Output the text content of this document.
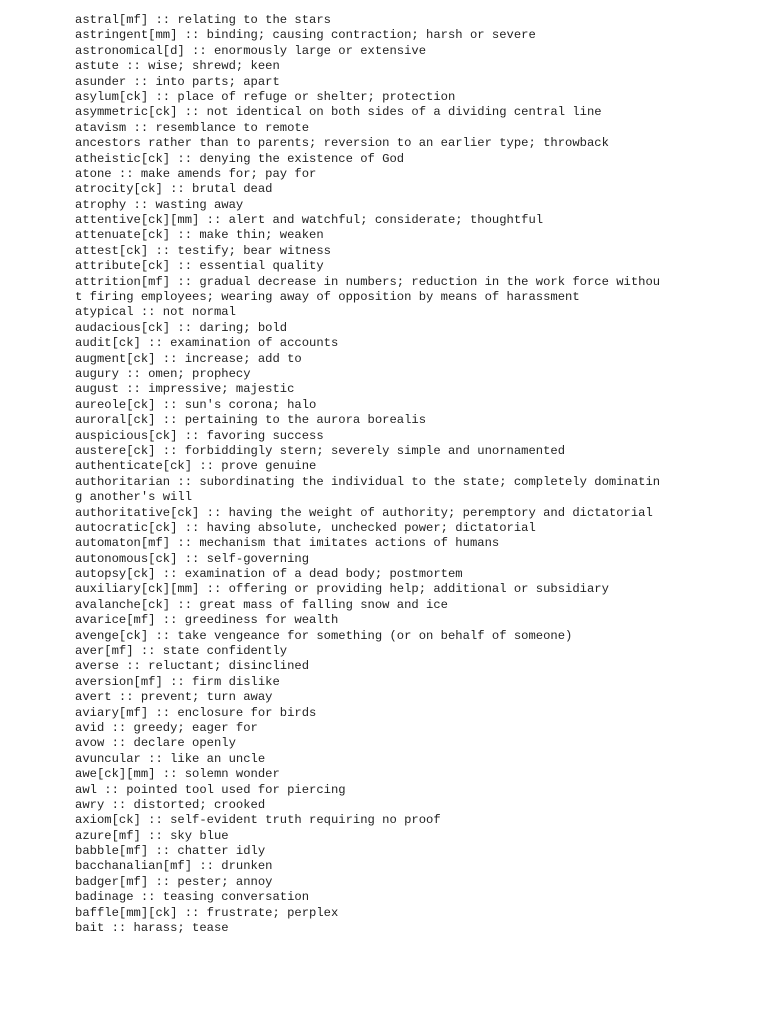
astral[mf] :: relating to the stars
astringent[mm] :: binding; causing contraction; harsh or severe
astronomical[d] :: enormously large or extensive
astute :: wise; shrewd; keen
asunder :: into parts; apart
asylum[ck] :: place of refuge or shelter; protection
asymmetric[ck] :: not identical on both sides of a dividing central line
atavism :: resemblance to remote
ancestors rather than to parents; reversion to an earlier type; throwback
atheistic[ck] :: denying the existence of God
atone :: make amends for; pay for
atrocity[ck] :: brutal dead
atrophy :: wasting away
attentive[ck][mm] :: alert and watchful; considerate; thoughtful
attenuate[ck] :: make thin; weaken
attest[ck] :: testify; bear witness
attribute[ck] :: essential quality
attrition[mf] :: gradual decrease in numbers; reduction in the work force withou
t firing employees; wearing away of opposition by means of harassment
atypical :: not normal
audacious[ck] :: daring; bold
audit[ck] :: examination of accounts
augment[ck] :: increase; add to
augury :: omen; prophecy
august :: impressive; majestic
aureole[ck] :: sun's corona; halo
auroral[ck] :: pertaining to the aurora borealis
auspicious[ck] :: favoring success
austere[ck] :: forbiddingly stern; severely simple and unornamented
authenticate[ck] :: prove genuine
authoritarian :: subordinating the individual to the state; completely dominatin
g another's will
authoritative[ck] :: having the weight of authority; peremptory and dictatorial
autocratic[ck] :: having absolute, unchecked power; dictatorial
automaton[mf] :: mechanism that imitates actions of humans
autonomous[ck] :: self-governing
autopsy[ck] :: examination of a dead body; postmortem
auxiliary[ck][mm] :: offering or providing help; additional or subsidiary
avalanche[ck] :: great mass of falling snow and ice
avarice[mf] :: greediness for wealth
avenge[ck] :: take vengeance for something (or on behalf of someone)
aver[mf] :: state confidently
averse :: reluctant; disinclined
aversion[mf] :: firm dislike
avert :: prevent; turn away
aviary[mf] :: enclosure for birds
avid :: greedy; eager for
avow :: declare openly
avuncular :: like an uncle
awe[ck][mm] :: solemn wonder
awl :: pointed tool used for piercing
awry :: distorted; crooked
axiom[ck] :: self-evident truth requiring no proof
azure[mf] :: sky blue
babble[mf] :: chatter idly
bacchanalian[mf] :: drunken
badger[mf] :: pester; annoy
badinage :: teasing conversation
baffle[mm][ck] :: frustrate; perplex
bait :: harass; tease
